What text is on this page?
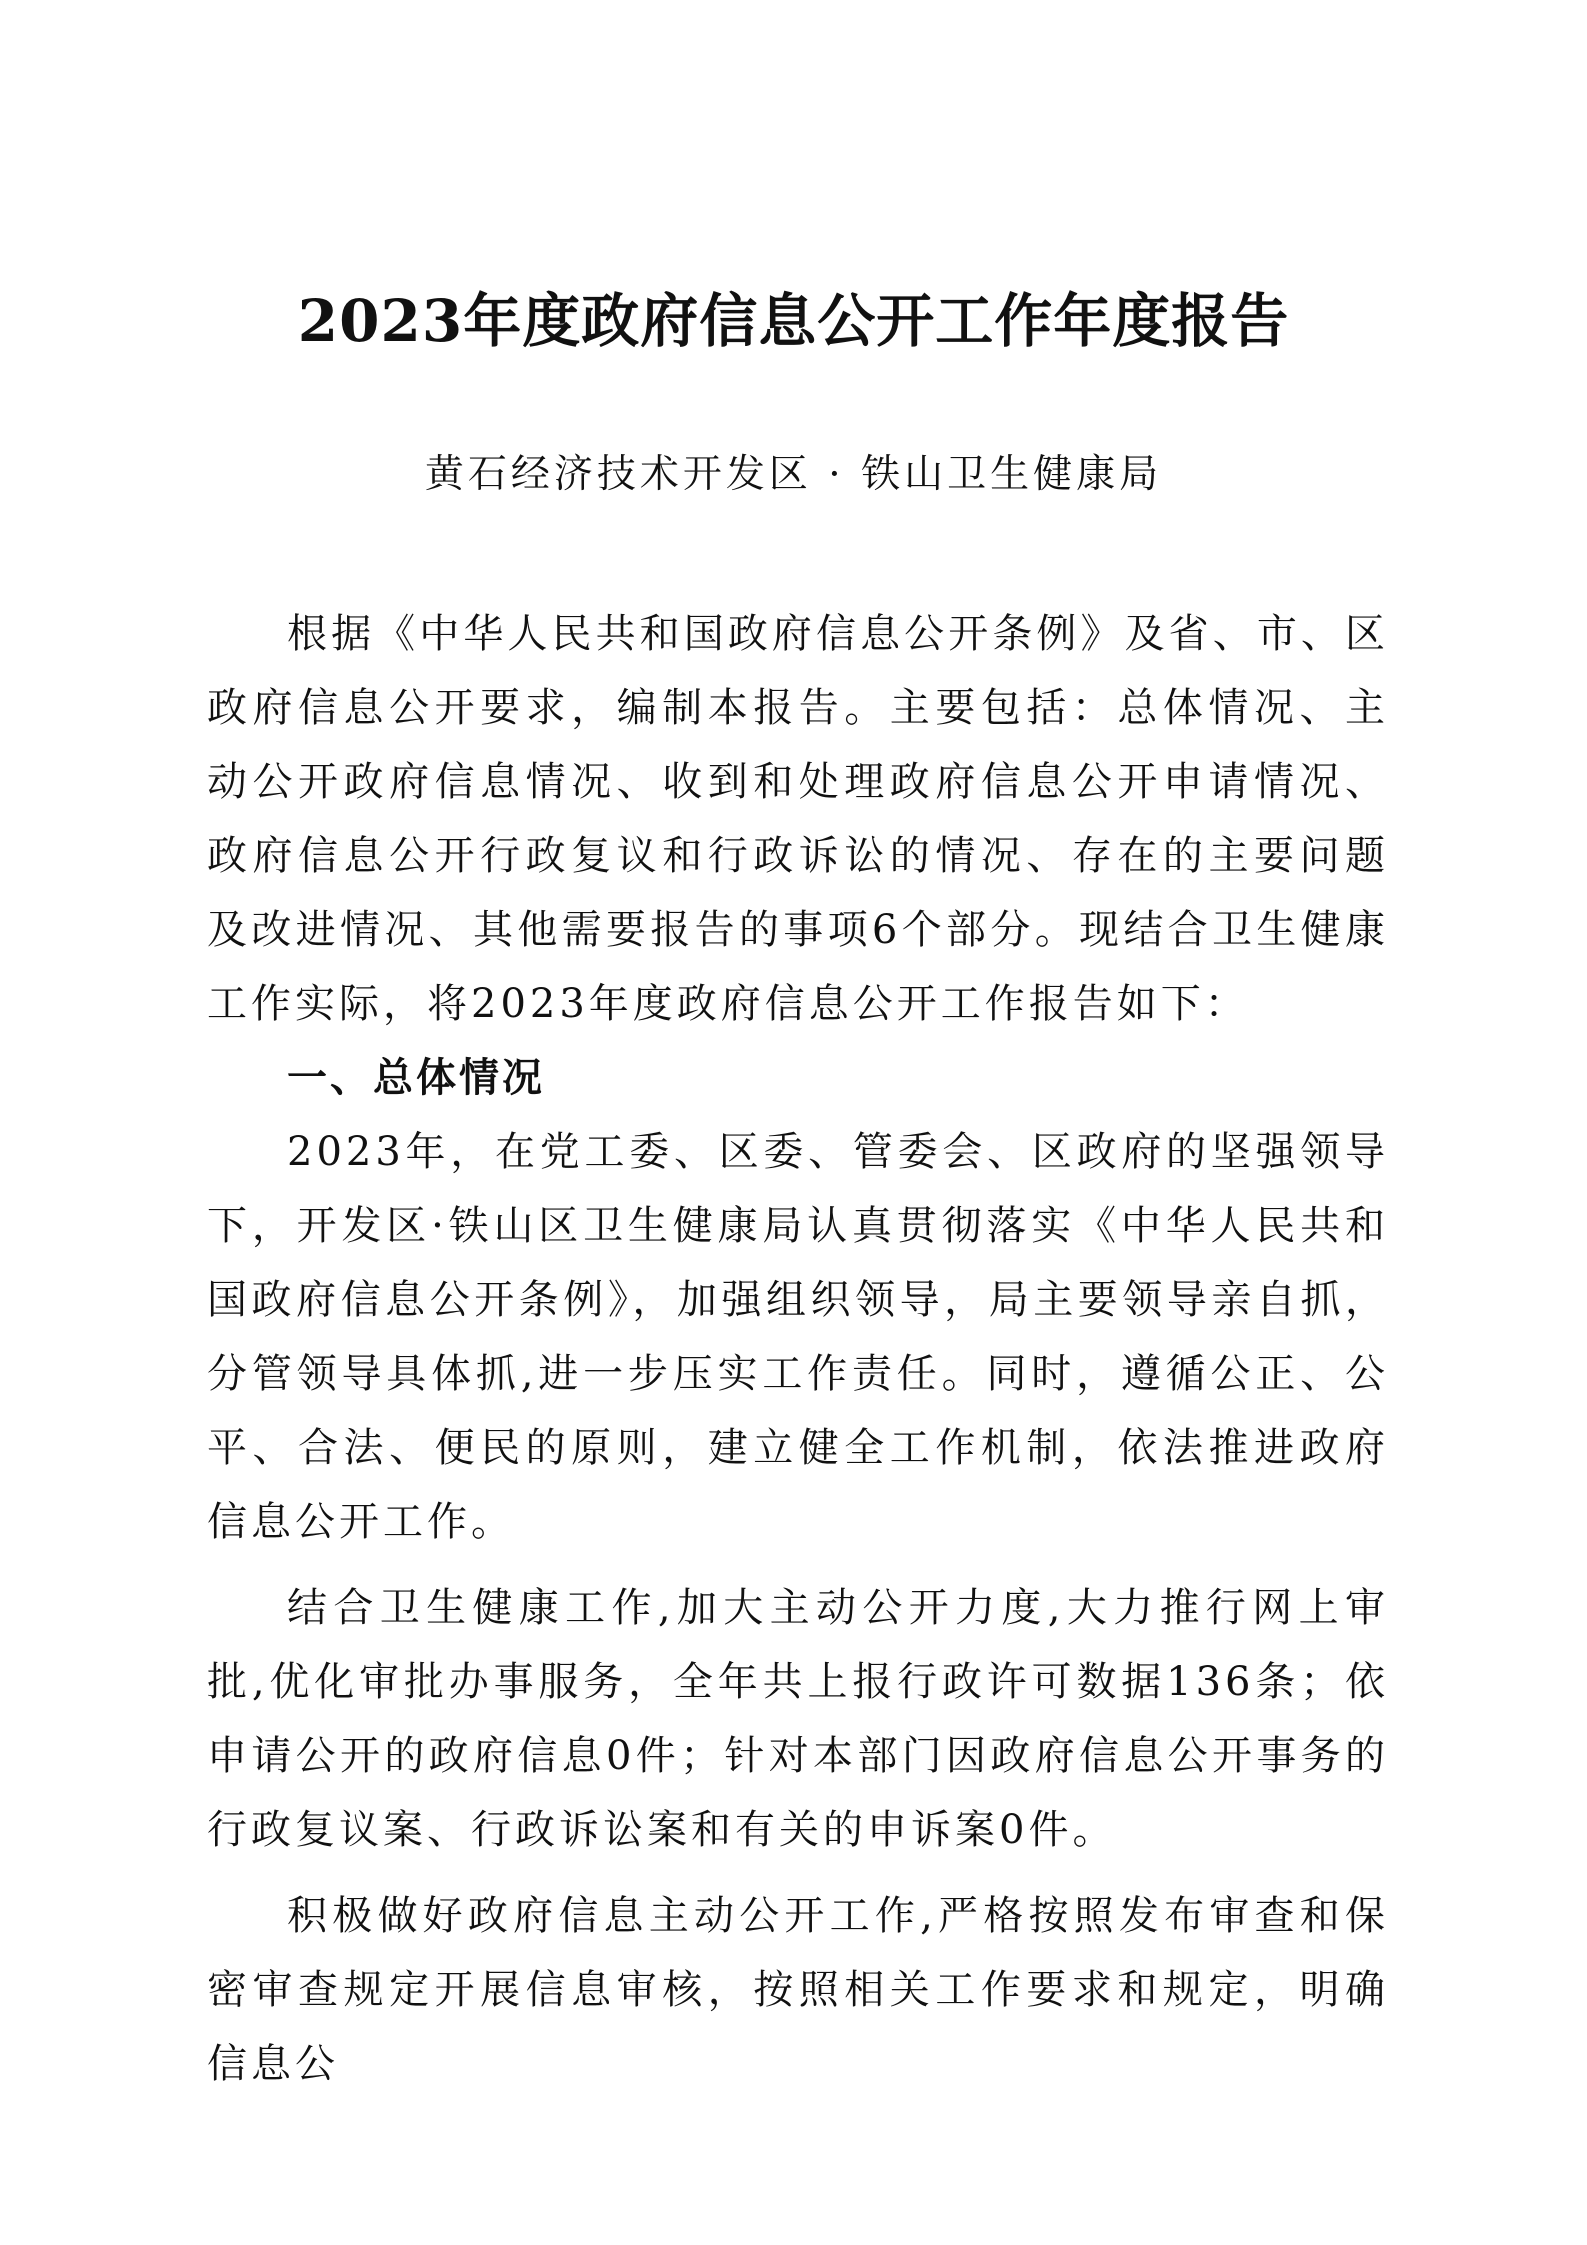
2023年度政府信息公开工作年度报告
黄石经济技术开发区 · 铁山卫生健康局

根据《中华人民共和国政府信息公开条例》及省、市、区政府信息公开要求，编制本报告。主要包括：总体情况、主动公开政府信息情况、收到和处理政府信息公开申请情况、政府信息公开行政复议和行政诉讼的情况、存在的主要问题及改进情况、其他需要报告的事项6个部分。现结合卫生健康工作实际，将2023年度政府信息公开工作报告如下：

一、总体情况

2023年，在党工委、区委、管委会、区政府的坚强领导下，开发区·铁山区卫生健康局认真贯彻落实《中华人民共和国政府信息公开条例》，加强组织领导，局主要领导亲自抓，分管领导具体抓,进一步压实工作责任。同时，遵循公正、公平、合法、便民的原则，建立健全工作机制，依法推进政府信息公开工作。

结合卫生健康工作,加大主动公开力度,大力推行网上审批,优化审批办事服务，全年共上报行政许可数据136条；依申请公开的政府信息0件；针对本部门因政府信息公开事务的行政复议案、行政诉讼案和有关的申诉案0件。

积极做好政府信息主动公开工作,严格按照发布审查和保密审查规定开展信息审核，按照相关工作要求和规定，明确信息公
